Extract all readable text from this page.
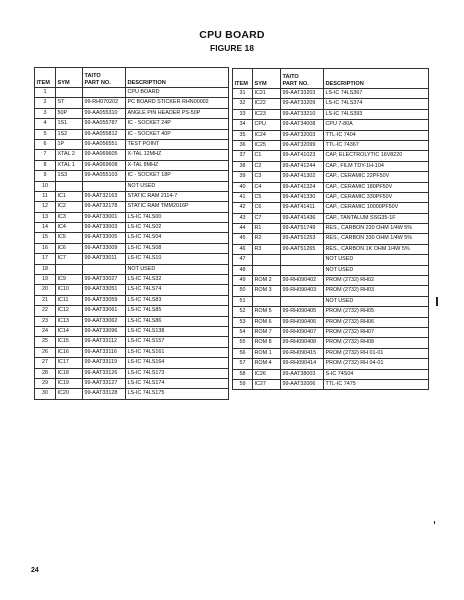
CPU BOARD
FIGURE 18
ITEM	SYM	TAITO
PART NO.	DESCRIPTION
1			CPU BOARD
2	ST	99-RH070202	PC BOARD STICKER RHN00002
3	50P	99-AA055310	ANGLE PIN HEADER PS-50P
4	1S1	99-AA055787	IC - SOCKET 24P
5	1S2	99-AA055812	IC - SOCKET 40P
6	1P	99-AA056551	TEST POINT
7	XTAL 2	99-AA069605	X-TAL 12MHZ
8	XTAL 1	99-AA069608	X-TAL 8MHZ
9	1S3	99-AA055103	IC - SOCKET 18P
10			NOT USED
11	IC1	99-AAT32163	STATIC RAM 2114-7
12	IC2	99-AAT32178	STATIC RAM TMM2016P
13	IC3	99-AAT33001	LS-IC 74LS00
14	IC4	99-AAT33003	LS-IC 74LS02
15	IC5	99-AAT33005	LS-IC 74LS04
16	IC6	99-AAT33009	LS-IC 74LS08
17	IC7	99-AAT33011	LS-IC 74LS10
18			NOT USED
19	IC9	99-AAT33027	LS-IC 74LS32
20	IC10	99-AAT33051	LS-IC 74LS74
21	IC11	99-AAT33059	LS-IC 74LS83
22	IC12	99-AAT33061	LS-IC 74LS85
23	IC13	99-AAT33062	LS-IC 74LS86
24	IC14	99-AAT33096	LS-IC 74LS138
25	IC15	99-AAT33112	LS-IC 74LS157
26	IC16	99-AAT33116	LS-IC 74LS161
27	IC17	99-AAT33119	LS-IC 74LS164
28	IC18	99-AAT33126	LS-IC 74LS173
29	IC19	99-AAT33127	LS-IC 74LS174
30	IC20	99-AAT33128	LS-IC 74LS175
ITEM	SYM	TAITO
PART NO.	DESCRIPTION
31	IC21	99-AAT33203	LS-IC 74LS367
32	IC22	99-AAT33209	LS-IC 74LS374
33	IC23	99-AAT33210	LS-IC 74LS393
34	CPU	99-AAT34008	CPU 7-80A
35	IC24	99-AAT32003	TTL-IC 7404
36	IC25	99-AAT32099	TTL-IC 74367
37	C1	99-AAT41023	CAP, ELECTROLYTIC 16V8220
38	C2	99-AAT41244	CAP., FILM TDY-1H-104
39	C3	99-AAT41302	CAP., CERAMIC 22PF50V
40	C4	99-AAT41324	CAP., CERAMIC 180PF50V
41	C5	99-AAT41330	CAP., CERAMIC 330PF50V
42	C6	99-AAT41411	CAP., CERAMIC 10000PF50V
43	C7	99-AAT41436	CAP., TANTALUM SSG35-1F
44	R1	99-AAT51749	RES., CARBON 220 OHM 1/4W 5%
45	R2	99-AAT51253	RES., CARBON 330 OHM 1/4W 5%
46	R3	99-AAT51265	RES., CARBON 1K OHM 1/4W 5%
47			NOT USED
48			NOT USED
49	ROM 2	99-RH090402	PROM (2732) RH02
50	ROM 3	99-RH090403	PROM (2732) RH03
51			NOT USED
52	ROM 5	99-RH090405	PROM (2732) RH05
53	ROM 6	99-RH090406	PROM (2732) RH06
54	ROM 7	99-RH090407	PROM (2732) RH07
55	ROM 8	99-RH090408	PROM (2732) RH08
56	ROM 1	99-RH090415	PROM (2732) RH 01-01
57	ROM 4	99-RH090414	PROM (2732) RH 04-01
58	IC26	99-AAT38003	S-IC 74S04
59	IC27	99-AAT32006	TTL-IC 7475
24
